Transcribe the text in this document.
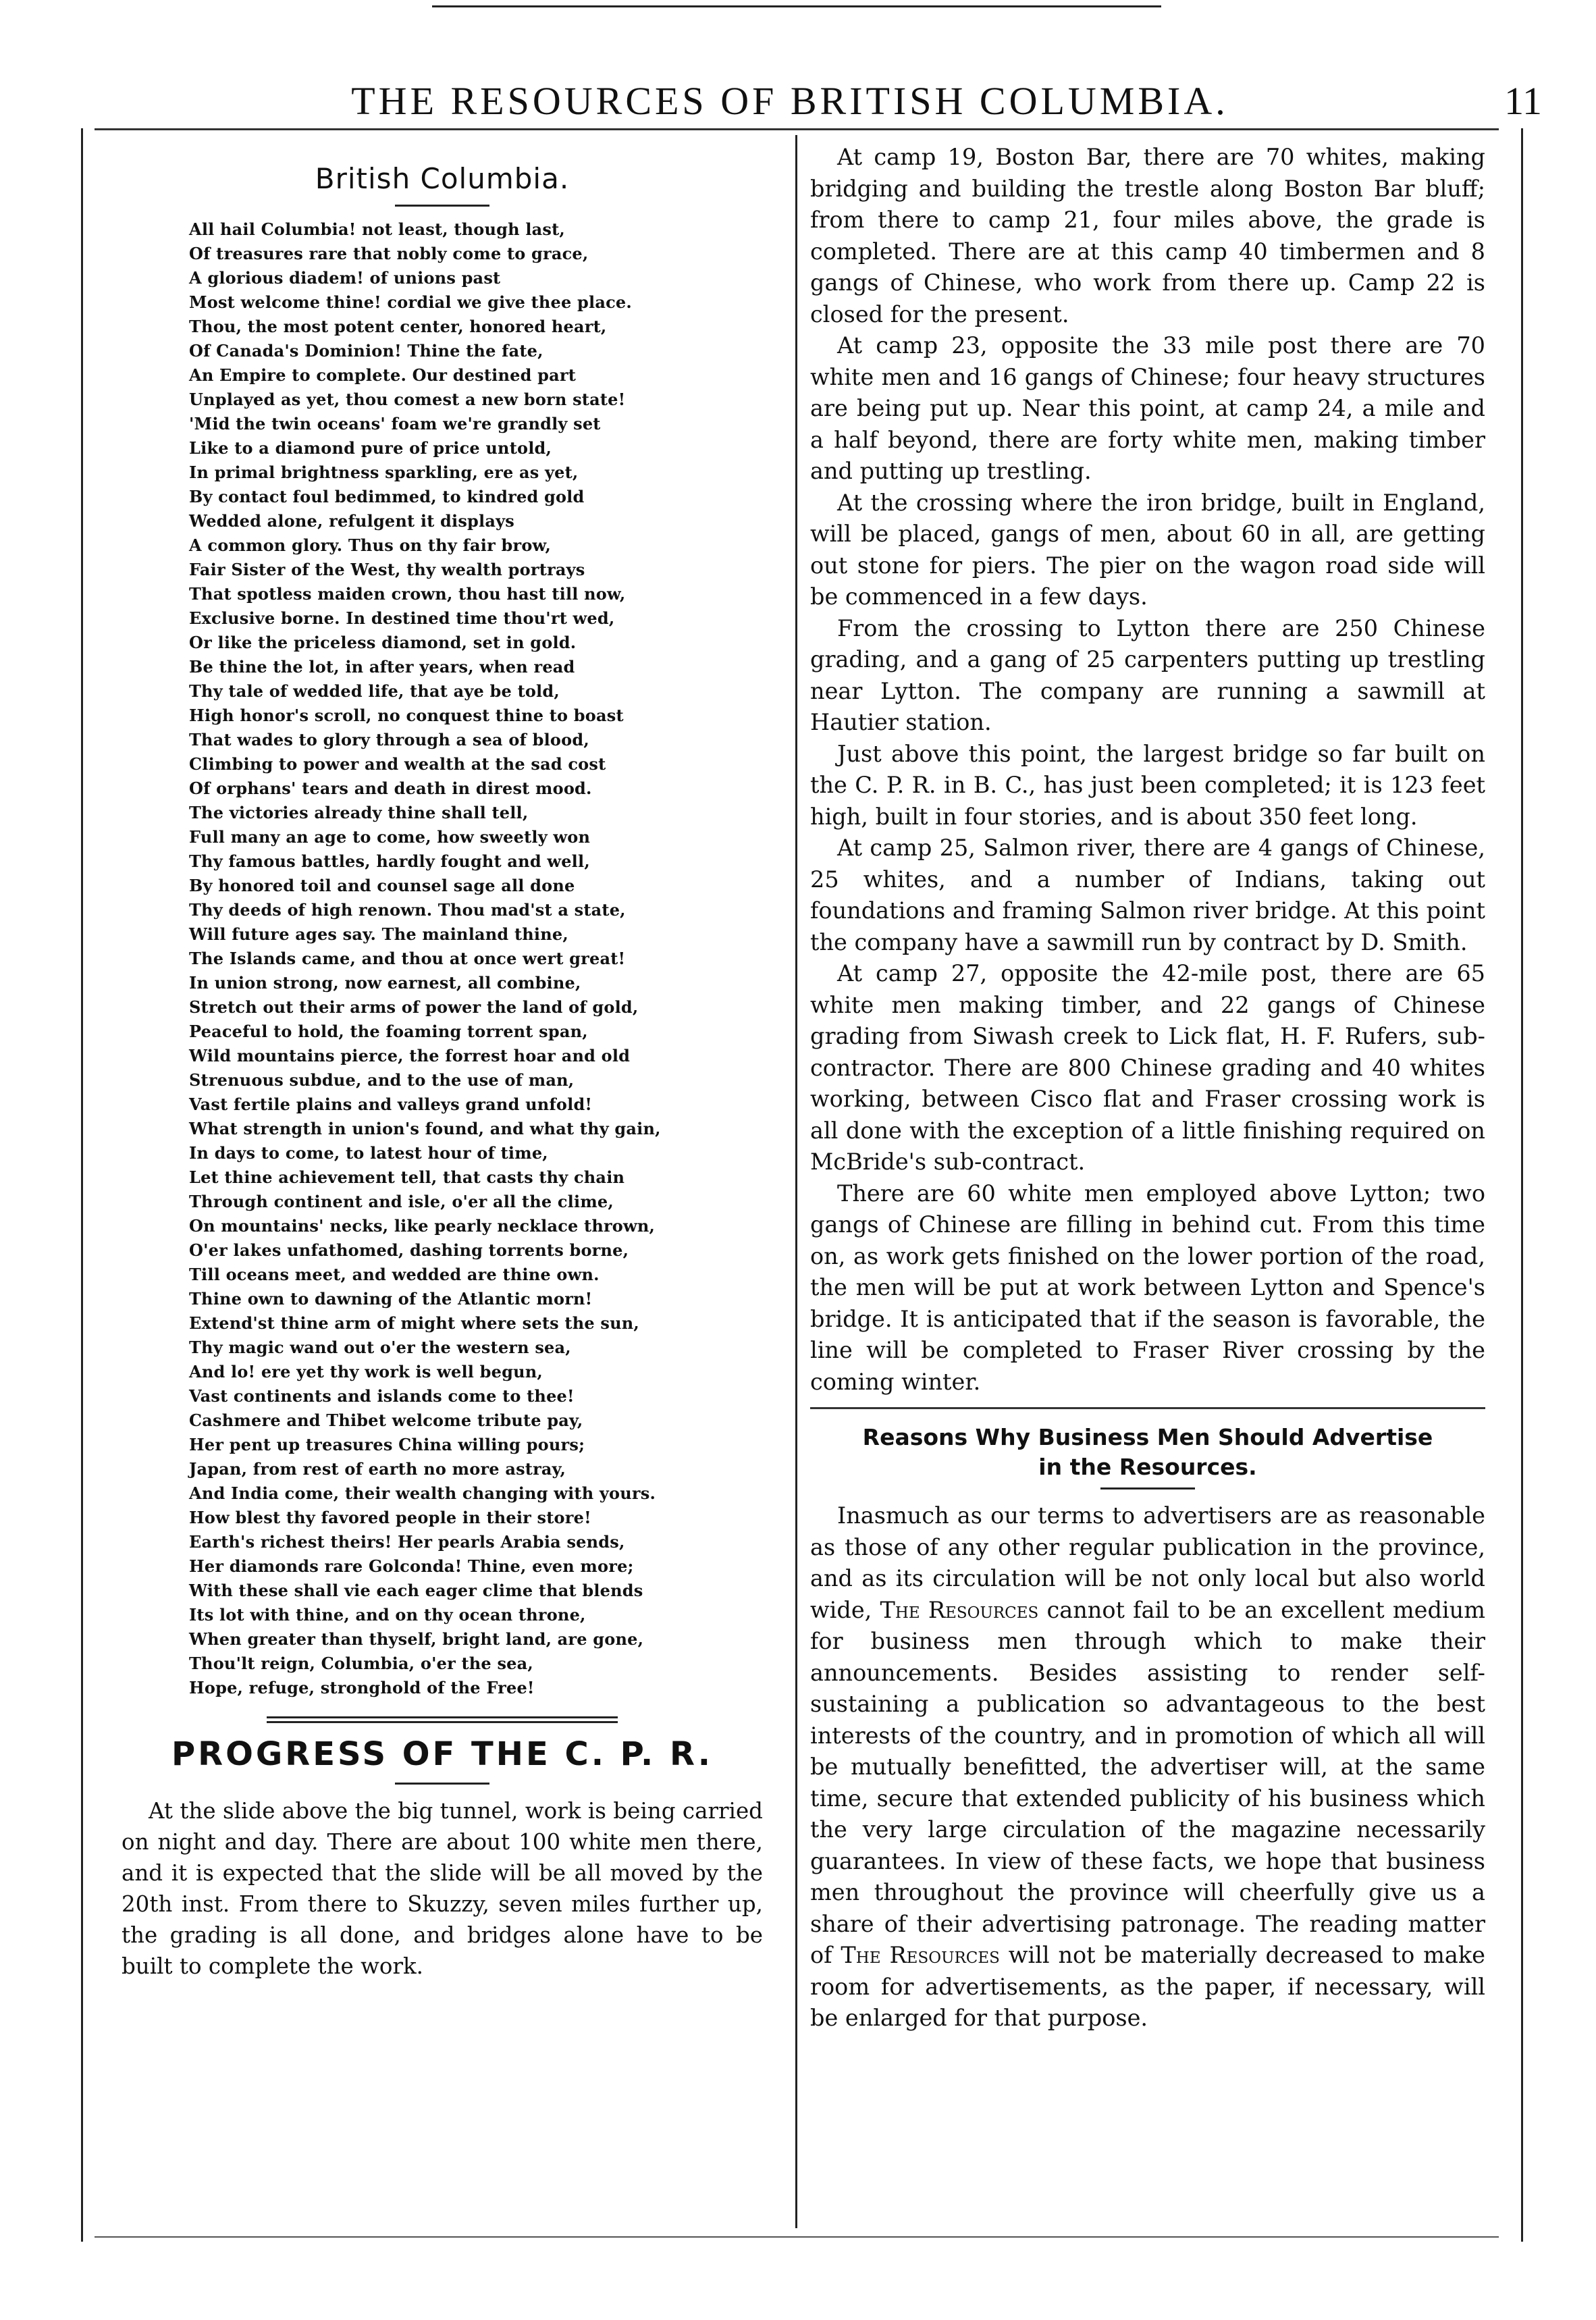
THE RESOURCES OF BRITISH COLUMBIA.	11
British Columbia.
All hail Columbia! not least, though last,
Of treasures rare that nobly come to grace,
A glorious diadem! of unions past
Most welcome thine! cordial we give thee place.
Thou, the most potent center, honored heart,
Of Canada's Dominion! Thine the fate,
An Empire to complete. Our destined part
Unplayed as yet, thou comest a new born state!
'Mid the twin oceans' foam we're grandly set
Like to a diamond pure of price untold,
In primal brightness sparkling, ere as yet,
By contact foul bedimmed, to kindred gold
Wedded alone, refulgent it displays
A common glory. Thus on thy fair brow,
Fair Sister of the West, thy wealth portrays
That spotless maiden crown, thou hast till now,
Exclusive borne. In destined time thou'rt wed,
Or like the priceless diamond, set in gold.
Be thine the lot, in after years, when read
Thy tale of wedded life, that aye be told,
High honor's scroll, no conquest thine to boast
That wades to glory through a sea of blood,
Climbing to power and wealth at the sad cost
Of orphans' tears and death in direst mood.
The victories already thine shall tell,
Full many an age to come, how sweetly won
Thy famous battles, hardly fought and well,
By honored toil and counsel sage all done
Thy deeds of high renown. Thou mad'st a state,
Will future ages say. The mainland thine,
The Islands came, and thou at once wert great!
In union strong, now earnest, all combine,
Stretch out their arms of power the land of gold,
Peaceful to hold, the foaming torrent span,
Wild mountains pierce, the forrest hoar and old
Strenuous subdue, and to the use of man,
Vast fertile plains and valleys grand unfold!
What strength in union's found, and what thy gain,
In days to come, to latest hour of time,
Let thine achievement tell, that casts thy chain
Through continent and isle, o'er all the clime,
On mountains' necks, like pearly necklace thrown,
O'er lakes unfathomed, dashing torrents borne,
Till oceans meet, and wedded are thine own.
Thine own to dawning of the Atlantic morn!
Extend'st thine arm of might where sets the sun,
Thy magic wand out o'er the western sea,
And lo! ere yet thy work is well begun,
Vast continents and islands come to thee!
Cashmere and Thibet welcome tribute pay,
Her pent up treasures China willing pours;
Japan, from rest of earth no more astray,
And India come, their wealth changing with yours.
How blest thy favored people in their store!
Earth's richest theirs! Her pearls Arabia sends,
Her diamonds rare Golconda! Thine, even more;
With these shall vie each eager clime that blends
Its lot with thine, and on thy ocean throne,
When greater than thyself, bright land, are gone,
Thou'lt reign, Columbia, o'er the sea,
Hope, refuge, stronghold of the Free!
PROGRESS OF THE C. P. R.

At the slide above the big tunnel, work is being carried on night and day. There are about 100 white men there, and it is expected that the slide will be all moved by the 20th inst. From there to Skuzzy, seven miles further up, the grading is all done, and bridges alone have to be built to complete the work.

At camp 19, Boston Bar, there are 70 whites, making bridging and building the trestle along Boston Bar bluff; from there to camp 21, four miles above, the grade is completed. There are at this camp 40 timbermen and 8 gangs of Chinese, who work from there up. Camp 22 is closed for the present.

At camp 23, opposite the 33 mile post there are 70 white men and 16 gangs of Chinese; four heavy structures are being put up. Near this point, at camp 24, a mile and a half beyond, there are forty white men, making timber and putting up trestling.

At the crossing where the iron bridge, built in England, will be placed, gangs of men, about 60 in all, are getting out stone for piers. The pier on the wagon road side will be commenced in a few days.

From the crossing to Lytton there are 250 Chinese grading, and a gang of 25 carpenters putting up trestling near Lytton. The company are running a sawmill at Hautier station.

Just above this point, the largest bridge so far built on the C. P. R. in B. C., has just been completed; it is 123 feet high, built in four stories, and is about 350 feet long.

At camp 25, Salmon river, there are 4 gangs of Chinese, 25 whites, and a number of Indians, taking out foundations and framing Salmon river bridge. At this point the company have a sawmill run by contract by D. Smith.

At camp 27, opposite the 42-mile post, there are 65 white men making timber, and 22 gangs of Chinese grading from Siwash creek to Lick flat, H. F. Rufers, sub-contractor. There are 800 Chinese grading and 40 whites working, between Cisco flat and Fraser crossing work is all done with the exception of a little finishing required on McBride's sub-contract.

There are 60 white men employed above Lytton; two gangs of Chinese are filling in behind cut. From this time on, as work gets finished on the lower portion of the road, the men will be put at work between Lytton and Spence's bridge. It is anticipated that if the season is favorable, the line will be completed to Fraser River crossing by the coming winter.

Reasons Why Business Men Should Advertise
in the Resources.

Inasmuch as our terms to advertisers are as reasonable as those of any other regular publication in the province, and as its circulation will be not only local but also world wide, The Resources cannot fail to be an excellent medium for business men through which to make their announcements. Besides assisting to render self-sustaining a publication so advantageous to the best interests of the country, and in promotion of which all will be mutually benefitted, the advertiser will, at the same time, secure that extended publicity of his business which the very large circulation of the magazine necessarily guarantees. In view of these facts, we hope that business men throughout the province will cheerfully give us a share of their advertising patronage. The reading matter of The Resources will not be materially decreased to make room for advertisements, as the paper, if necessary, will be enlarged for that purpose.
